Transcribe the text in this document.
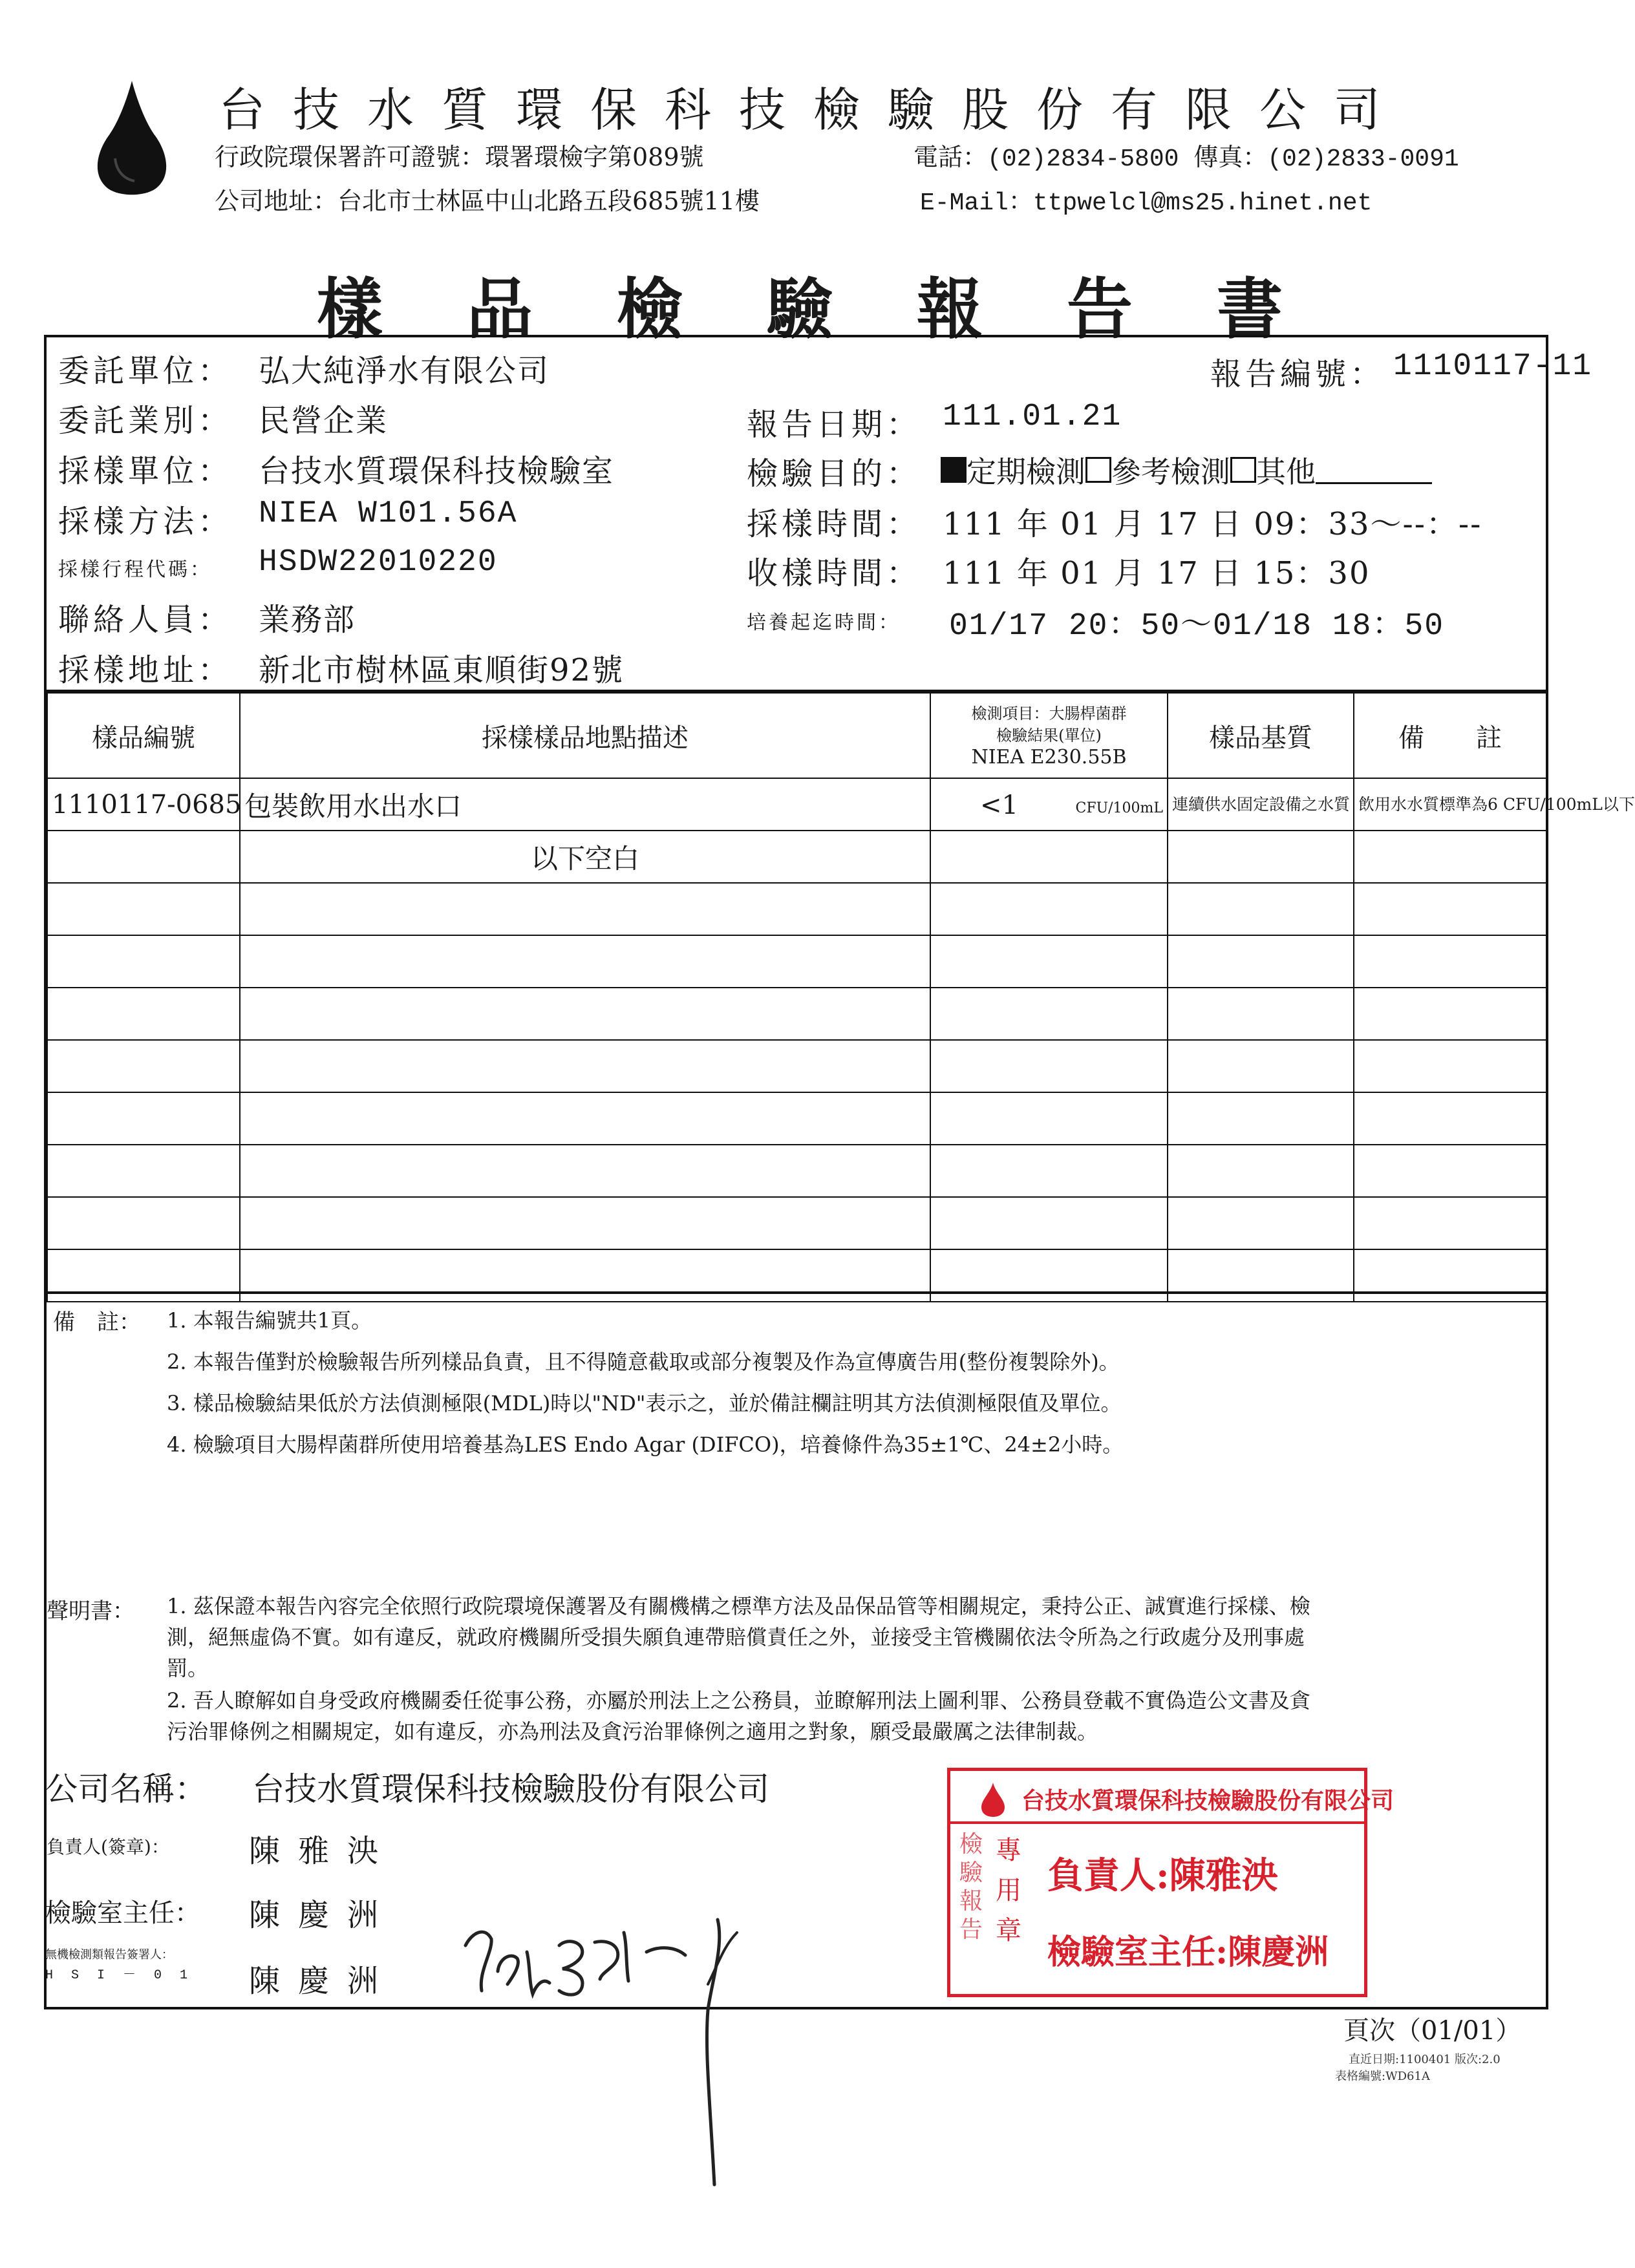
台技水質環保科技檢驗股份有限公司
行政院環保署許可證號：環署環檢字第089號	電話：(02)2834-5800 傳真：(02)2833-0091
公司地址：台北市士林區中山北路五段685號11樓	E-Mail：ttpwelcl@ms25.hinet.net
樣品檢驗報告書
委託單位： 弘大純淨水有限公司
委託業別： 民營企業
採樣單位： 台技水質環保科技檢驗室
採樣方法： NIEA W101.56A
採樣行程代碼： HSDW22010220
聯絡人員： 業務部
採樣地址： 新北市樹林區東順街92號
報告編號： 1110117-11
報告日期： 111.01.21
檢驗目的： 定期檢測 參考檢測 其他
採樣時間： 111 年 01 月 17 日 09：33～--：--
收樣時間： 111 年 01 月 17 日 15：30
培養起迄時間： 01/17 20：50～01/18 18：50
樣品編號	採樣樣品地點描述	檢測項目：大腸桿菌群
檢驗結果(單位)
NIEA E230.55B	樣品基質	備　　註
1110117-0685	包裝飲用水出水口	<1 CFU/100mL	連續供水固定設備之水質	飲用水水質標準為6 CFU/100mL以下
	以下空白	

備　註： 1. 本報告編號共1頁。
2. 本報告僅對於檢驗報告所列樣品負責，且不得隨意截取或部分複製及作為宣傳廣告用(整份複製除外)。
3. 樣品檢驗結果低於方法偵測極限(MDL)時以"ND"表示之，並於備註欄註明其方法偵測極限值及單位。
4. 檢驗項目大腸桿菌群所使用培養基為LES Endo Agar (DIFCO)，培養條件為35±1℃、24±2小時。
聲明書： 1. 茲保證本報告內容完全依照行政院環境保護署及有關機構之標準方法及品保品管等相關規定，秉持公正、誠實進行採樣、檢
測，絕無虛偽不實。如有違反，就政府機關所受損失願負連帶賠償責任之外，並接受主管機關依法令所為之行政處分及刑事處
罰。
2. 吾人瞭解如自身受政府機關委任從事公務，亦屬於刑法上之公務員，並瞭解刑法上圖利罪、公務員登載不實偽造公文書及貪
污治罪條例之相關規定，如有違反，亦為刑法及貪污治罪條例之適用之對象，願受最嚴厲之法律制裁。
公司名稱： 台技水質環保科技檢驗股份有限公司
負責人(簽章)：	陳雅泱
檢驗室主任： 陳慶洲
無機檢測類報告簽署人：
H S I － 0 1 陳慶洲
台技水質環保科技檢驗股份有限公司
檢驗報告
專用章
負責人:陳雅泱
檢驗室主任:陳慶洲
頁次（01/01）
直近日期:1100401 版次:2.0
表格編號:WD61A
